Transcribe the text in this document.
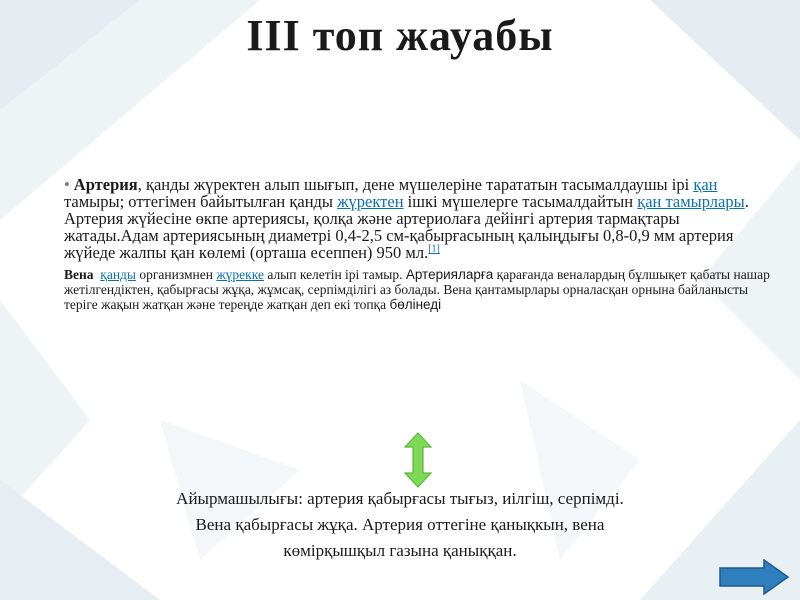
III топ жауабы

• Артерия, қанды жүректен алып шығып, дене мүшелеріне тарататын тасымалдаушы ірі қан тамыры; оттегімен байытылған қанды жүректен ішкі мүшелерге тасымалдайтын қан тамырлары. Артерия жүйесіне өкпе артериясы, қолқа және артериолаға дейінгі артерия тармақтары жатады.Адам артериясының диаметрі 0,4-2,5 см-қабырғасының қалыңдығы 0,8-0,9 мм артерия жүйеде жалпы қан көлемі (орташа есеппен) 950 мл.[1]

Вена қанды организмнен жүрекке алып келетін ірі тамыр. Артерияларға қарағанда веналардың бұлшықет қабаты нашар жетілгендіктен, қабырғасы жұқа, жұмсақ, серпімділігі аз болады. Вена қантамырлары орналасқан орнына байланысты теріге жақын жатқан және тереңде жатқан деп екі топқа бөлінеді

Айырмашылығы: артерия қабырғасы тығыз, иілгіш, серпімді.
Вена қабырғасы жұқа. Артерия оттегіне қанықкын, вена
көмірқышқыл газына қаныққан.
